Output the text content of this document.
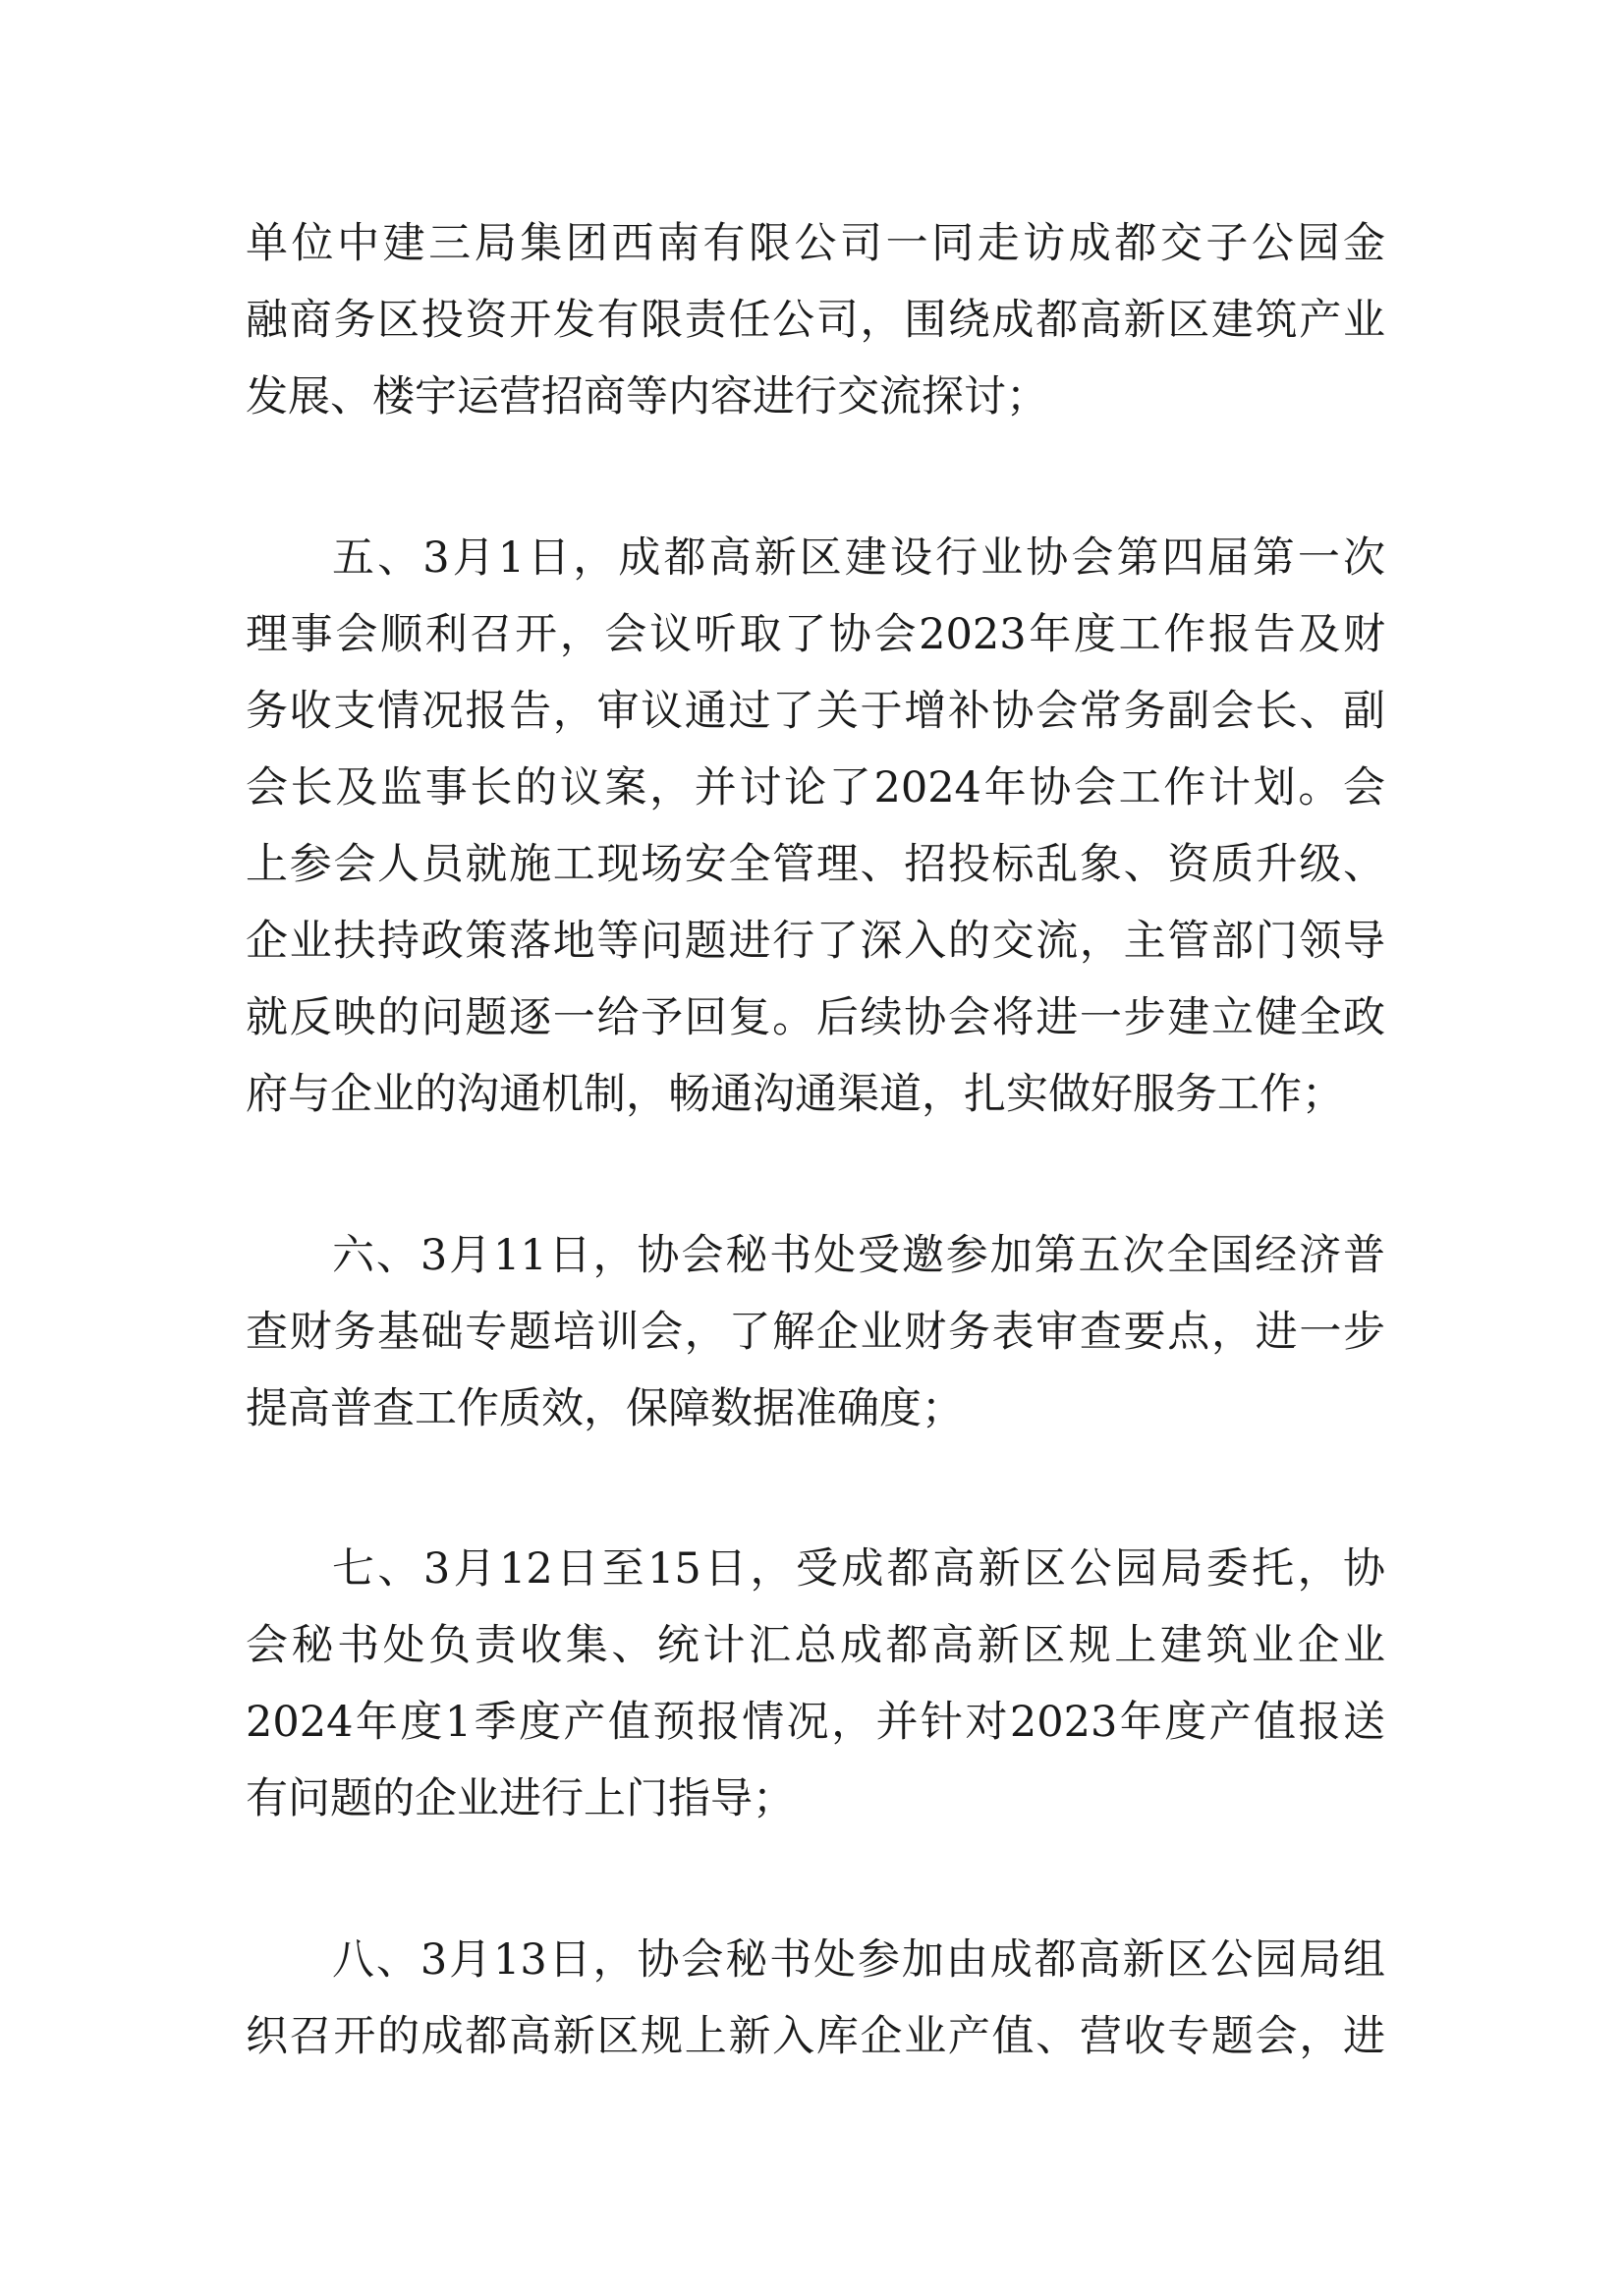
单位中建三局集团西南有限公司一同走访成都交子公园金
融商务区投资开发有限责任公司，围绕成都高新区建筑产业
发展、楼宇运营招商等内容进行交流探讨；
五、3月1日，成都高新区建设行业协会第四届第一次
理事会顺利召开，会议听取了协会2023年度工作报告及财
务收支情况报告，审议通过了关于增补协会常务副会长、副
会长及监事长的议案，并讨论了2024年协会工作计划。会
上参会人员就施工现场安全管理、招投标乱象、资质升级、
企业扶持政策落地等问题进行了深入的交流，主管部门领导
就反映的问题逐一给予回复。后续协会将进一步建立健全政
府与企业的沟通机制，畅通沟通渠道，扎实做好服务工作；
六、3月11日，协会秘书处受邀参加第五次全国经济普
查财务基础专题培训会，了解企业财务表审查要点，进一步
提高普查工作质效，保障数据准确度；
七、3月12日至15日，受成都高新区公园局委托，协
会秘书处负责收集、统计汇总成都高新区规上建筑业企业
2024年度1季度产值预报情况，并针对2023年度产值报送
有问题的企业进行上门指导；
八、3月13日，协会秘书处参加由成都高新区公园局组
织召开的成都高新区规上新入库企业产值、营收专题会，进
